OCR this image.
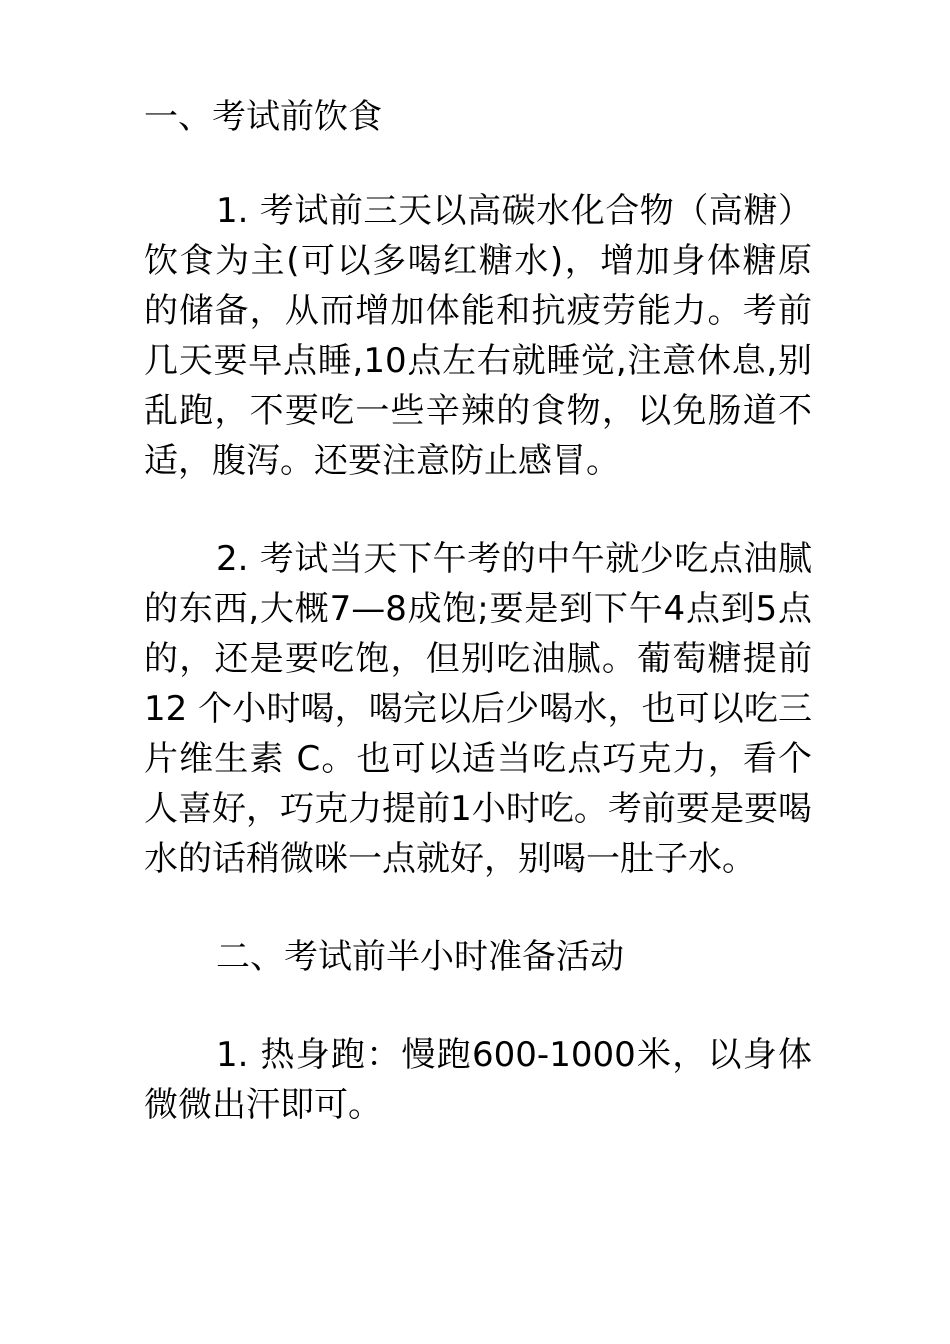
一、考试前饮食

1. 考试前三天以高碳水化合物（高糖）饮食为主(可以多喝红糖水)，增加身体糖原的储备，从而增加体能和抗疲劳能力。考前几天要早点睡,10点左右就睡觉,注意休息,别乱跑，不要吃一些辛辣的食物，以免肠道不适，腹泻。还要注意防止感冒。

2. 考试当天下午考的中午就少吃点油腻的东西,大概7—8成饱;要是到下午4点到5点的，还是要吃饱，但别吃油腻。葡萄糖提前 12 个小时喝，喝完以后少喝水，也可以吃三片维生素 C。也可以适当吃点巧克力，看个人喜好，巧克力提前1小时吃。考前要是要喝水的话稍微咪一点就好，别喝一肚子水。

二、考试前半小时准备活动

1. 热身跑：慢跑600-1000米，以身体微微出汗即可。
